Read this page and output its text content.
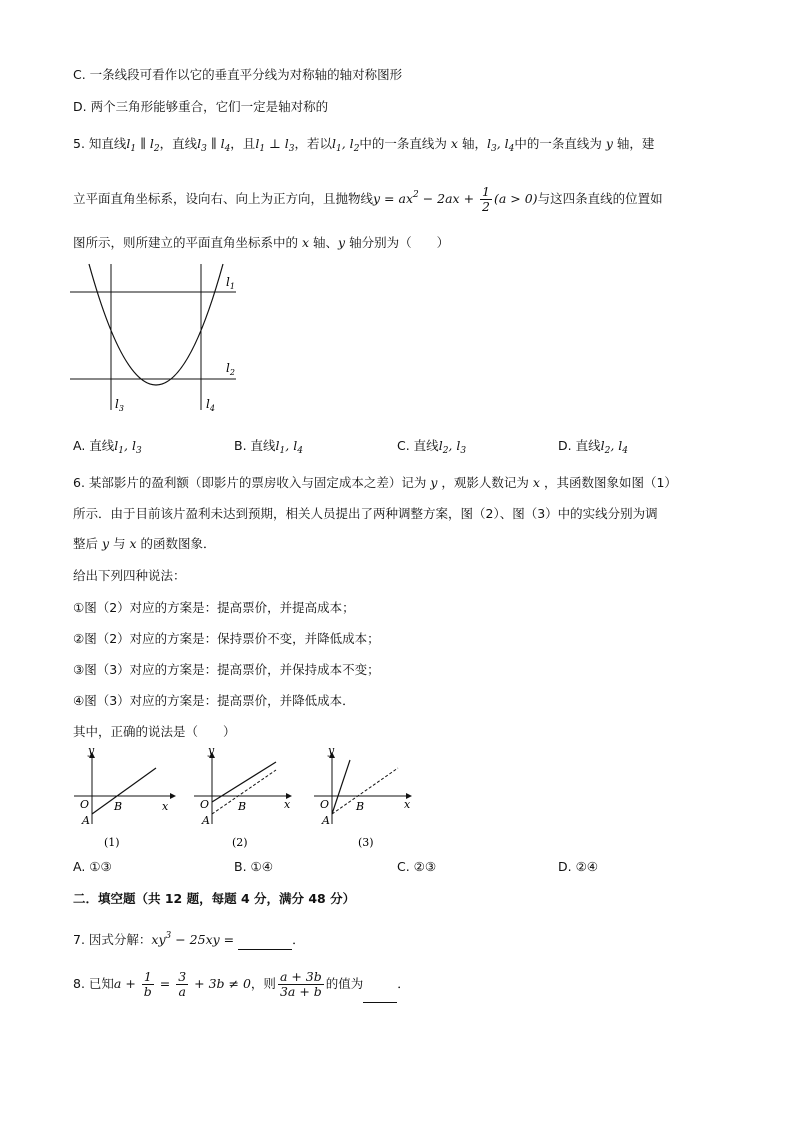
C. 一条线段可看作以它的垂直平分线为对称轴的轴对称图形
D. 两个三角形能够重合，它们一定是轴对称的
5. 知直线$l_1$ ∥ $l_2$，直线$l_3$ ∥ $l_4$，且$l_1$ ⊥ $l_3$，若以$l_1$, $l_2$中的一条直线为 x 轴，$l_3$, $l_4$中的一条直线为 y 轴，建
立平面直角坐标系，设向右、向上为正方向，且抛物线$y = ax^2 - 2ax + \frac{1}{2} (a > 0)$与这四条直线的位置如
图所示，则所建立的平面直角坐标系中的 x 轴、y 轴分别为（　　）
$l_1$
$l_2$
$l_3$	$l_4$
A. 直线$l_1$, $l_3$	B. 直线$l_1$, $l_4$	C. 直线$l_2$, $l_3$	D. 直线$l_2$, $l_4$
6. 某部影片的盈利额（即影片的票房收入与固定成本之差）记为 y ，观影人数记为 x ，其函数图象如图（1）
所示．由于目前该片盈利未达到预期，相关人员提出了两种调整方案，图（2）、图（3）中的实线分别为调
整后 y 与 x 的函数图象．
给出下列四种说法：
①图（2）对应的方案是：提高票价，并提高成本；
②图（2）对应的方案是：保持票价不变，并降低成本；
③图（3）对应的方案是：提高票价，并保持成本不变；
④图（3）对应的方案是：提高票价，并降低成本．
其中，正确的说法是（　　）
y
x
O B
A
(1)
y
x
O	B
A
(2)
y
x
O B
A
(3)
A. ①③	B. ①④	C. ②③	D. ②④
二．填空题（共 12 题，每题 4 分，满分 48 分）
7. 因式分解：$xy^3 - 25xy$ =	．
8. 已知$a + \frac{1}{b} = \frac{3}{a} + 3b \ne 0$，则 $\frac{a + 3b}{3a + b}$ 的值为	．
